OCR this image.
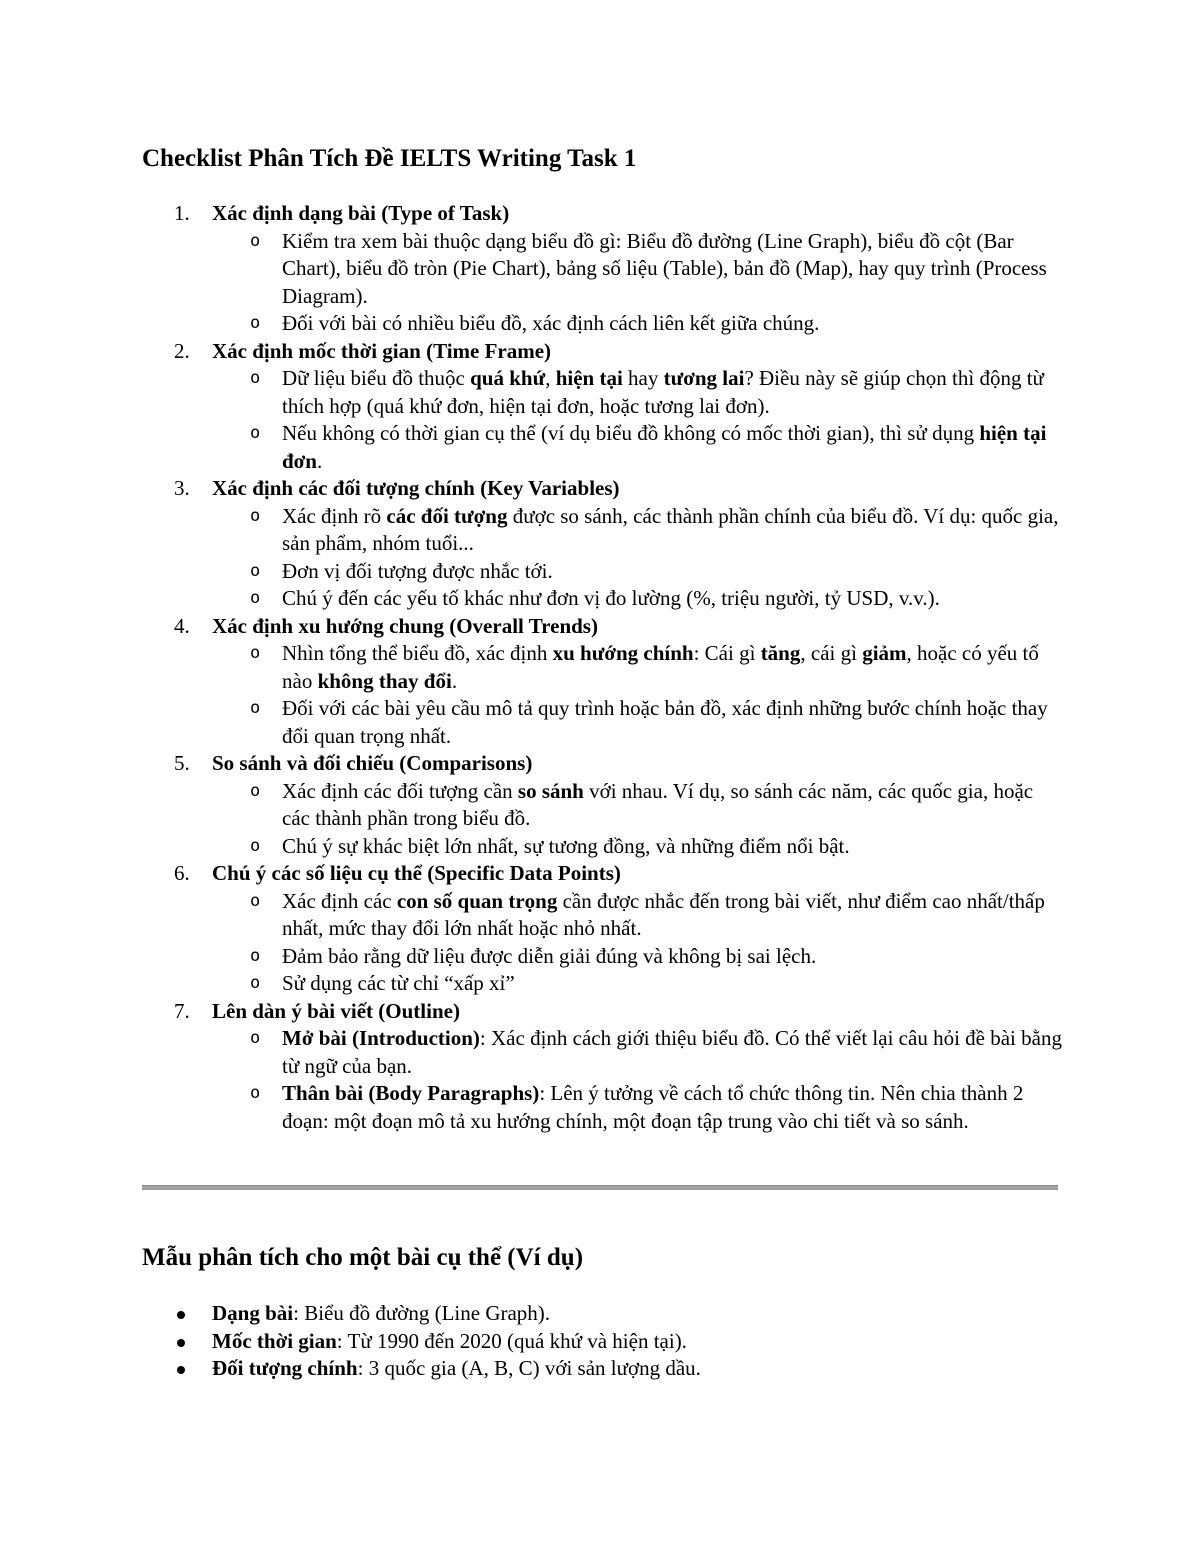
Checklist Phân Tích Đề IELTS Writing Task 1
1. Xác định dạng bài (Type of Task)
o Kiểm tra xem bài thuộc dạng biểu đồ gì: Biểu đồ đường (Line Graph), biểu đồ cột (Bar Chart), biểu đồ tròn (Pie Chart), bảng số liệu (Table), bản đồ (Map), hay quy trình (Process Diagram).
o Đối với bài có nhiều biểu đồ, xác định cách liên kết giữa chúng.
2. Xác định mốc thời gian (Time Frame)
o Dữ liệu biểu đồ thuộc quá khứ, hiện tại hay tương lai? Điều này sẽ giúp chọn thì động từ thích hợp (quá khứ đơn, hiện tại đơn, hoặc tương lai đơn).
o Nếu không có thời gian cụ thể (ví dụ biểu đồ không có mốc thời gian), thì sử dụng hiện tại đơn.
3. Xác định các đối tượng chính (Key Variables)
o Xác định rõ các đối tượng được so sánh, các thành phần chính của biểu đồ. Ví dụ: quốc gia, sản phẩm, nhóm tuổi...
o Đơn vị đối tượng được nhắc tới.
o Chú ý đến các yếu tố khác như đơn vị đo lường (%, triệu người, tỷ USD, v.v.).
4. Xác định xu hướng chung (Overall Trends)
o Nhìn tổng thể biểu đồ, xác định xu hướng chính: Cái gì tăng, cái gì giảm, hoặc có yếu tố nào không thay đổi.
o Đối với các bài yêu cầu mô tả quy trình hoặc bản đồ, xác định những bước chính hoặc thay đổi quan trọng nhất.
5. So sánh và đối chiếu (Comparisons)
o Xác định các đối tượng cần so sánh với nhau. Ví dụ, so sánh các năm, các quốc gia, hoặc các thành phần trong biểu đồ.
o Chú ý sự khác biệt lớn nhất, sự tương đồng, và những điểm nổi bật.
6. Chú ý các số liệu cụ thể (Specific Data Points)
o Xác định các con số quan trọng cần được nhắc đến trong bài viết, như điểm cao nhất/thấp nhất, mức thay đổi lớn nhất hoặc nhỏ nhất.
o Đảm bảo rằng dữ liệu được diễn giải đúng và không bị sai lệch.
o Sử dụng các từ chỉ “xấp xỉ”
7. Lên dàn ý bài viết (Outline)
o Mở bài (Introduction): Xác định cách giới thiệu biểu đồ. Có thể viết lại câu hỏi đề bài bằng từ ngữ của bạn.
o Thân bài (Body Paragraphs): Lên ý tưởng về cách tổ chức thông tin. Nên chia thành 2 đoạn: một đoạn mô tả xu hướng chính, một đoạn tập trung vào chi tiết và so sánh.
Mẫu phân tích cho một bài cụ thể (Ví dụ)
Dạng bài: Biểu đồ đường (Line Graph).
Mốc thời gian: Từ 1990 đến 2020 (quá khứ và hiện tại).
Đối tượng chính: 3 quốc gia (A, B, C) với sản lượng dầu.
